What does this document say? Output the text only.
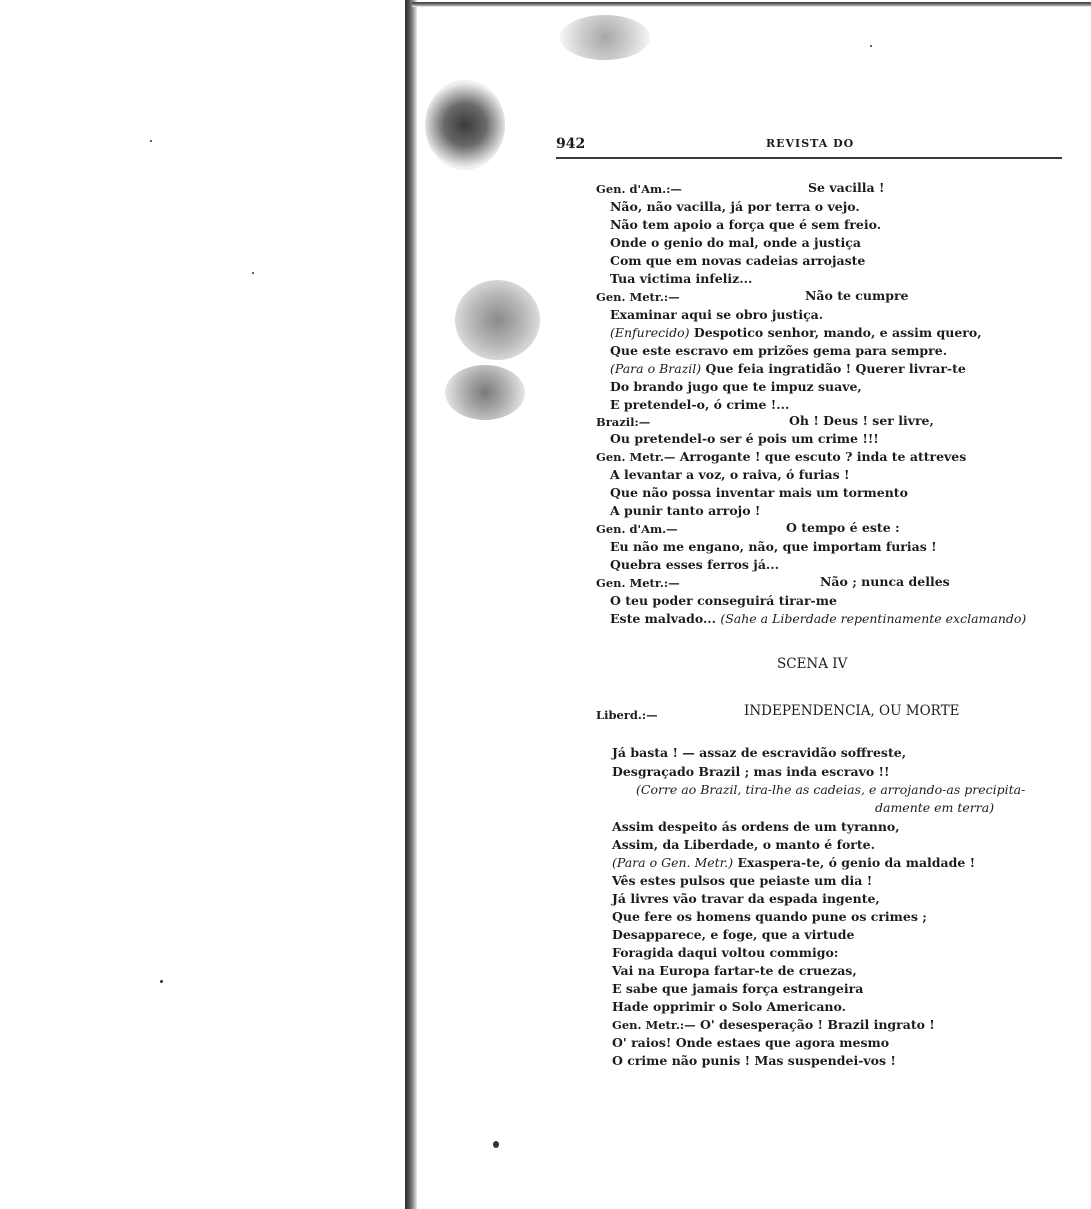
942	REVISTA DO
Gen. d'Am.:—	Se vacilla !
Não, não vacilla, já por terra o vejo.
Não tem apoio a força que é sem freio.
Onde o genio do mal, onde a justiça
Com que em novas cadeias arrojaste
Tua victima infeliz...
Gen. Metr.:—	Não te cumpre
Examinar aqui se obro justiça.
(Enfurecido) Despotico senhor, mando, e assim quero,
Que este escravo em prizões gema para sempre.
(Para o Brazil) Que feia ingratidão ! Querer livrar-te
Do brando jugo que te impuz suave,
E pretendel-o, ó crime !...
Brazil:—	Oh ! Deus ! ser livre,
Ou pretendel-o ser é pois um crime !!!
Gen. Metr.— Arrogante ! que escuto ? inda te attreves
A levantar a voz, o raiva, ó furias !
Que não possa inventar mais um tormento
A punir tanto arrojo !
Gen. d'Am.—	O tempo é este :
Eu não me engano, não, que importam furias !
Quebra esses ferros já...
Gen. Metr.:—	Não ; nunca delles
O teu poder conseguirá tirar-me
Este malvado... (Sahe a Liberdade repentinamente exclamando)
SCENA IV
Liberd.:—	INDEPENDENCIA, OU MORTE
Já basta ! — assaz de escravidão soffreste,
Desgraçado Brazil ; mas inda escravo !!
(Corre ao Brazil, tira-lhe as cadeias, e arrojando-as precipita-
damente em terra)
Assim despeito ás ordens de um tyranno,
Assim, da Liberdade, o manto é forte.
(Para o Gen. Metr.) Exaspera-te, ó genio da maldade !
Vês estes pulsos que peiaste um dia !
Já livres vão travar da espada ingente,
Que fere os homens quando pune os crimes ;
Desapparece, e foge, que a virtude
Foragida daqui voltou commigo:
Vai na Europa fartar-te de cruezas,
E sabe que jamais força estrangeira
Hade opprimir o Solo Americano.
Gen. Metr.:— O' desesperação ! Brazil ingrato !
O' raios! Onde estaes que agora mesmo
O crime não punis ! Mas suspendei-vos !
